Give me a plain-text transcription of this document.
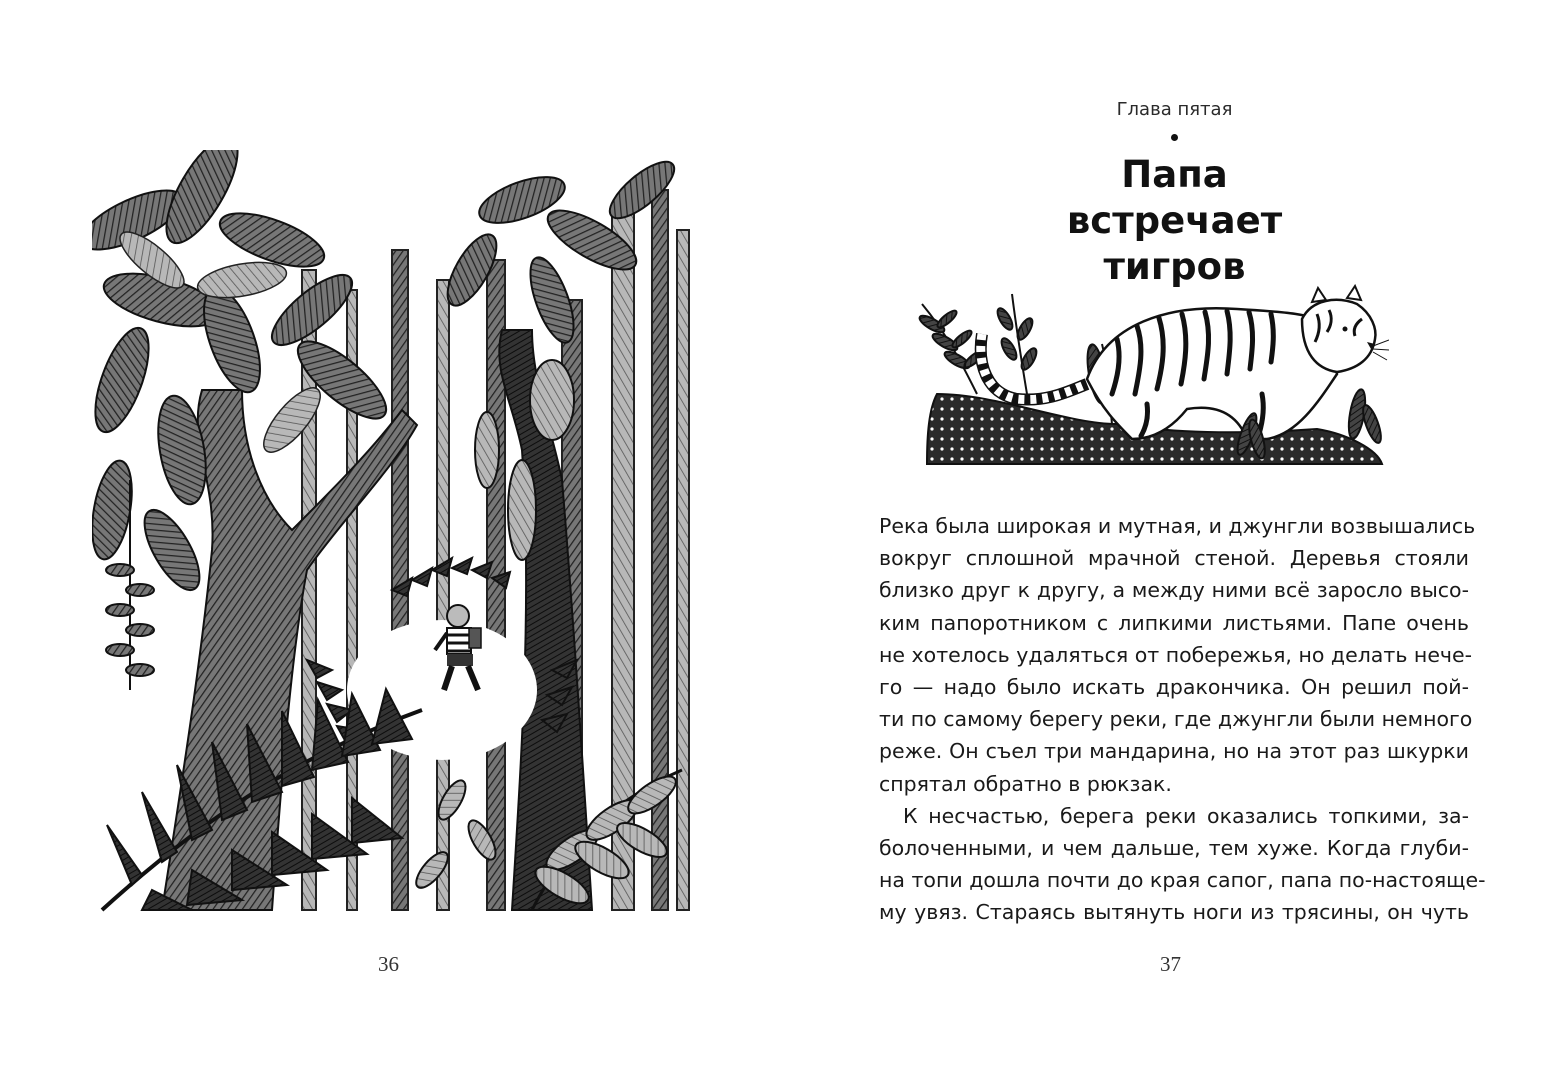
36
Глава пятая
Папа
встречает
тигров
Река была широкая и мутная, и джунгли возвышались
вокруг сплошной мрачной стеной. Деревья стояли
близко друг к другу, а между ними всё заросло высо-
ким папоротником с липкими листьями. Папе очень
не хотелось удаляться от побережья, но делать нече-
го — надо было искать дракончика. Он решил пой-
ти по самому берегу реки, где джунгли были немного
реже. Он съел три мандарина, но на этот раз шкурки
спрятал обратно в рюкзак.
К несчастью, берега реки оказались топкими, за-
болоченными, и чем дальше, тем хуже. Когда глуби-
на топи дошла почти до края сапог, папа по-настояще-
му увяз. Стараясь вытянуть ноги из трясины, он чуть
37
